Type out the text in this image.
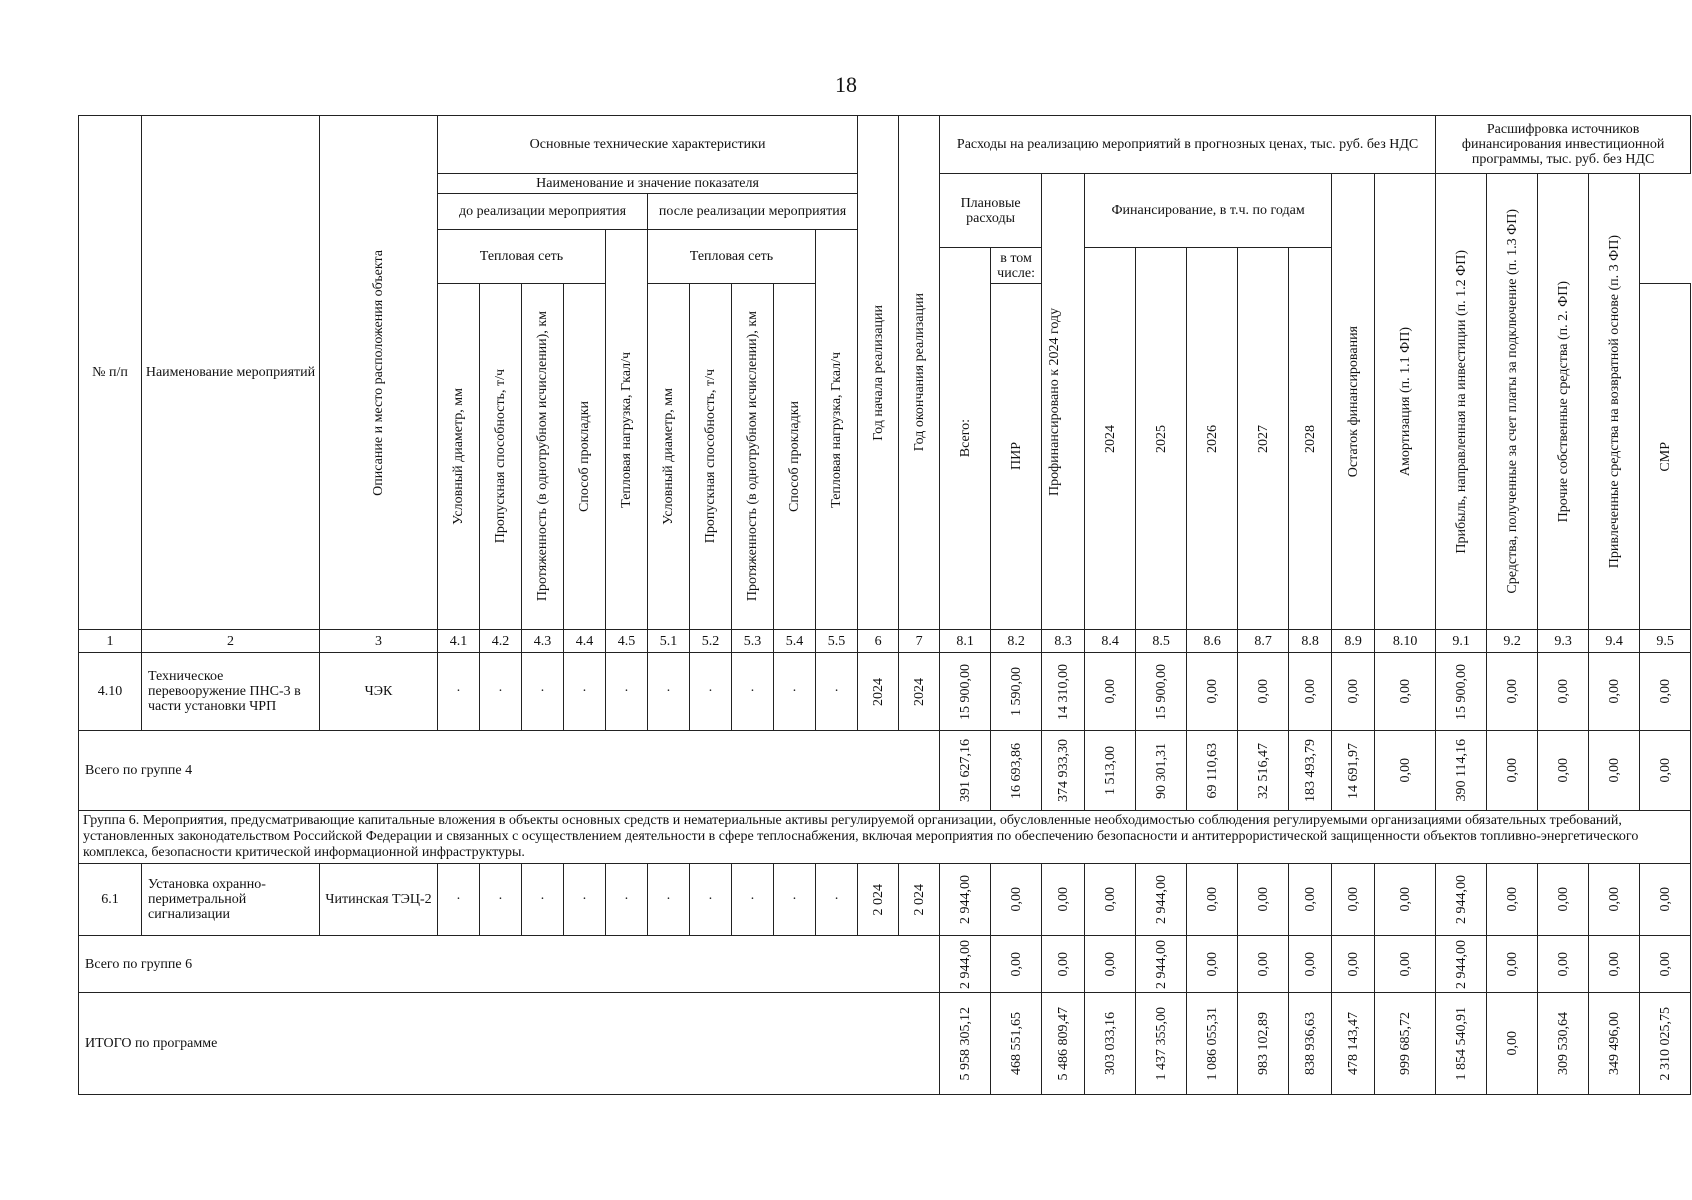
18
№ п/п	Наименование мероприятий	Описание и место расположения объекта	Основные технические характеристики										Год начала реализации	Год окончания реализации	Расходы на реализацию мероприятий в прогнозных ценах, тыс. руб. без НДС										Расшифровка источников финансирования инвестиционной программы, тыс. руб. без НДС				
			Наименование и значение показателя												Плановые расходы		Профинансировано к 2024 году	Финансирование, в т.ч. по годам					Остаток финансирования	Амортизация (п. 1.1 ФП)	Прибыль, направленная на инвестиции (п. 1.2 ФП)	Средства, полученные за счет платы за подключение (п. 1.3 ФП)	Прочие собственные средства (п. 2. ФП)	Привлеченные средства на возвратной основе (п. 3 ФП)	

			до реализации мероприятия					после реализации мероприятия																					
			Тепловая сеть				Тепловая нагрузка, Гкал/ч	Тепловая сеть				Тепловая нагрузка, Гкал/ч																	

															Всего:	в том числе:		2024	2025	2026	2027	2028							

			Условный диаметр, мм	Пропускная способность, т/ч	Протяженность (в однотрубном исчислении), км	Способ прокладки		Условный диаметр, мм	Пропускная способность, т/ч	Протяженность (в однотрубном исчислении), км	Способ прокладки					ПИР													СМР

1	2	3	4.1	4.2	4.3	4.4	4.5	5.1	5.2	5.3	5.4	5.5	6	7	8.1	8.2	8.3	8.4	8.5	8.6	8.7	8.8	8.9	8.10	9.1	9.2	9.3	9.4	9.5
4.10	Техническое перевооружение ПНС-3 в части установки ЧРП	ЧЭК	·	·	·	·	·	·	·	·	·	·	2024	2024	15 900,00	1 590,00	14 310,00	0,00	15 900,00	0,00	0,00	0,00	0,00	0,00	15 900,00	0,00	0,00	0,00	0,00

Всего по группе 4															391 627,16	16 693,86	374 933,30	1 513,00	90 301,31	69 110,63	32 516,47	183 493,79	14 691,97	0,00	390 114,16	0,00	0,00	0,00	0,00

Группа 6. Мероприятия, предусматривающие капитальные вложения в объекты основных средств и нематериальные активы регулируемой организации, обусловленные необходимостью соблюдения регулируемыми организациями обязательных требований, установленных законодательством Российской Федерации и связанных с осуществлением деятельности в сфере теплоснабжения, включая мероприятия по обеспечению безопасности и антитеррористической защищенности объектов топливно-энергетического комплекса, безопасности критической информационной инфраструктуры.																													
6.1	Установка охранно-периметральной сигнализации	Читинская ТЭЦ-2	·	·	·	·	·	·	·	·	·	·	2 024	2 024	2 944,00	0,00	0,00	0,00	2 944,00	0,00	0,00	0,00	0,00	0,00	2 944,00	0,00	0,00	0,00	0,00

Всего по группе 6															2 944,00	0,00	0,00	0,00	2 944,00	0,00	0,00	0,00	0,00	0,00	2 944,00	0,00	0,00	0,00	0,00

ИТОГО по программе															5 958 305,12	468 551,65	5 486 809,47	303 033,16	1 437 355,00	1 086 055,31	983 102,89	838 936,63	478 143,47	999 685,72	1 854 540,91	0,00	309 530,64	349 496,00	2 310 025,75
